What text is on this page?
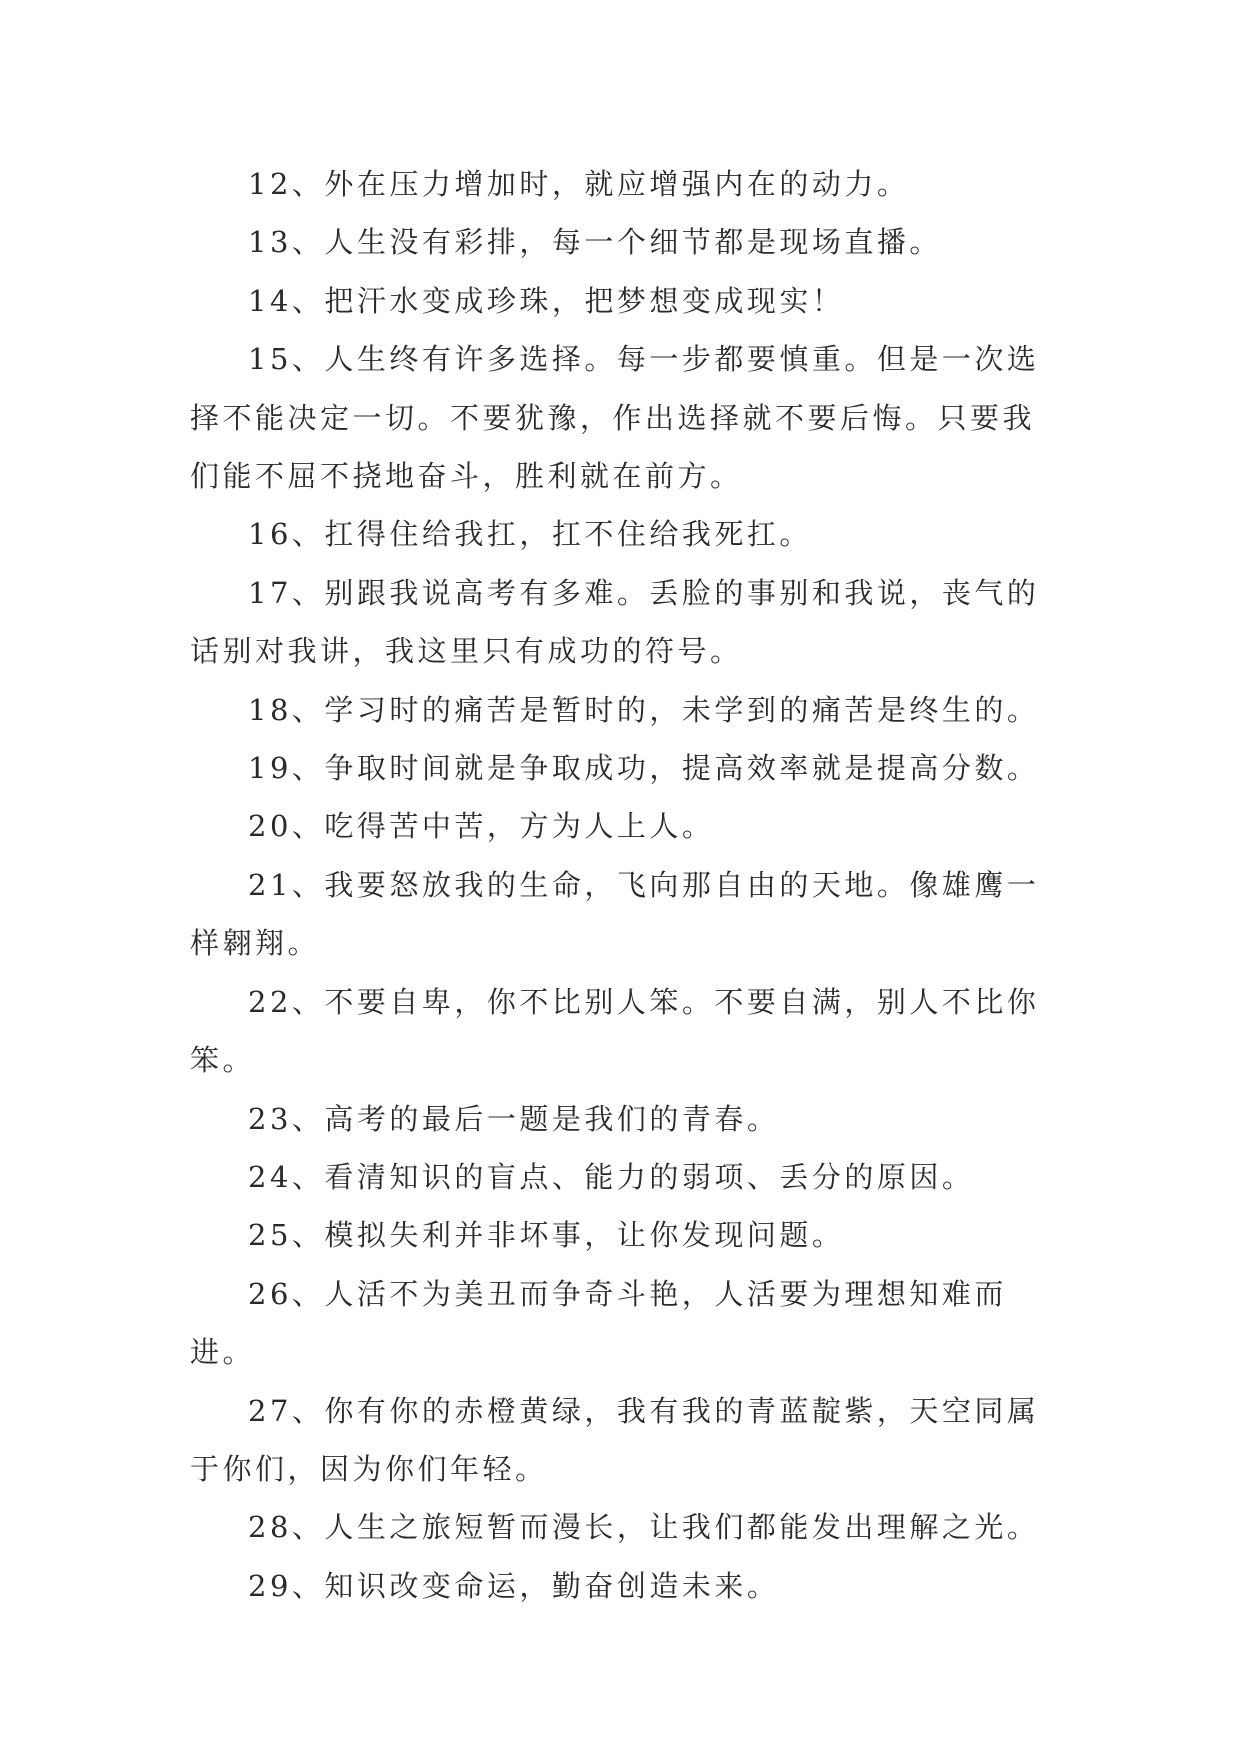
12、外在压力增加时，就应增强内在的动力。

13、人生没有彩排，每一个细节都是现场直播。

14、把汗水变成珍珠，把梦想变成现实！

15、人生终有许多选择。每一步都要慎重。但是一次选择不能决定一切。不要犹豫，作出选择就不要后悔。只要我们能不屈不挠地奋斗，胜利就在前方。

16、扛得住给我扛，扛不住给我死扛。

17、别跟我说高考有多难。丢脸的事别和我说，丧气的话别对我讲，我这里只有成功的符号。

18、学习时的痛苦是暂时的，未学到的痛苦是终生的。

19、争取时间就是争取成功，提高效率就是提高分数。

20、吃得苦中苦，方为人上人。

21、我要怒放我的生命，飞向那自由的天地。像雄鹰一样翱翔。

22、不要自卑，你不比别人笨。不要自满，别人不比你笨。

23、高考的最后一题是我们的青春。

24、看清知识的盲点、能力的弱项、丢分的原因。

25、模拟失利并非坏事，让你发现问题。

26、人活不为美丑而争奇斗艳，人活要为理想知难而进。

27、你有你的赤橙黄绿，我有我的青蓝靛紫，天空同属于你们，因为你们年轻。

28、人生之旅短暂而漫长，让我们都能发出理解之光。

29、知识改变命运，勤奋创造未来。
